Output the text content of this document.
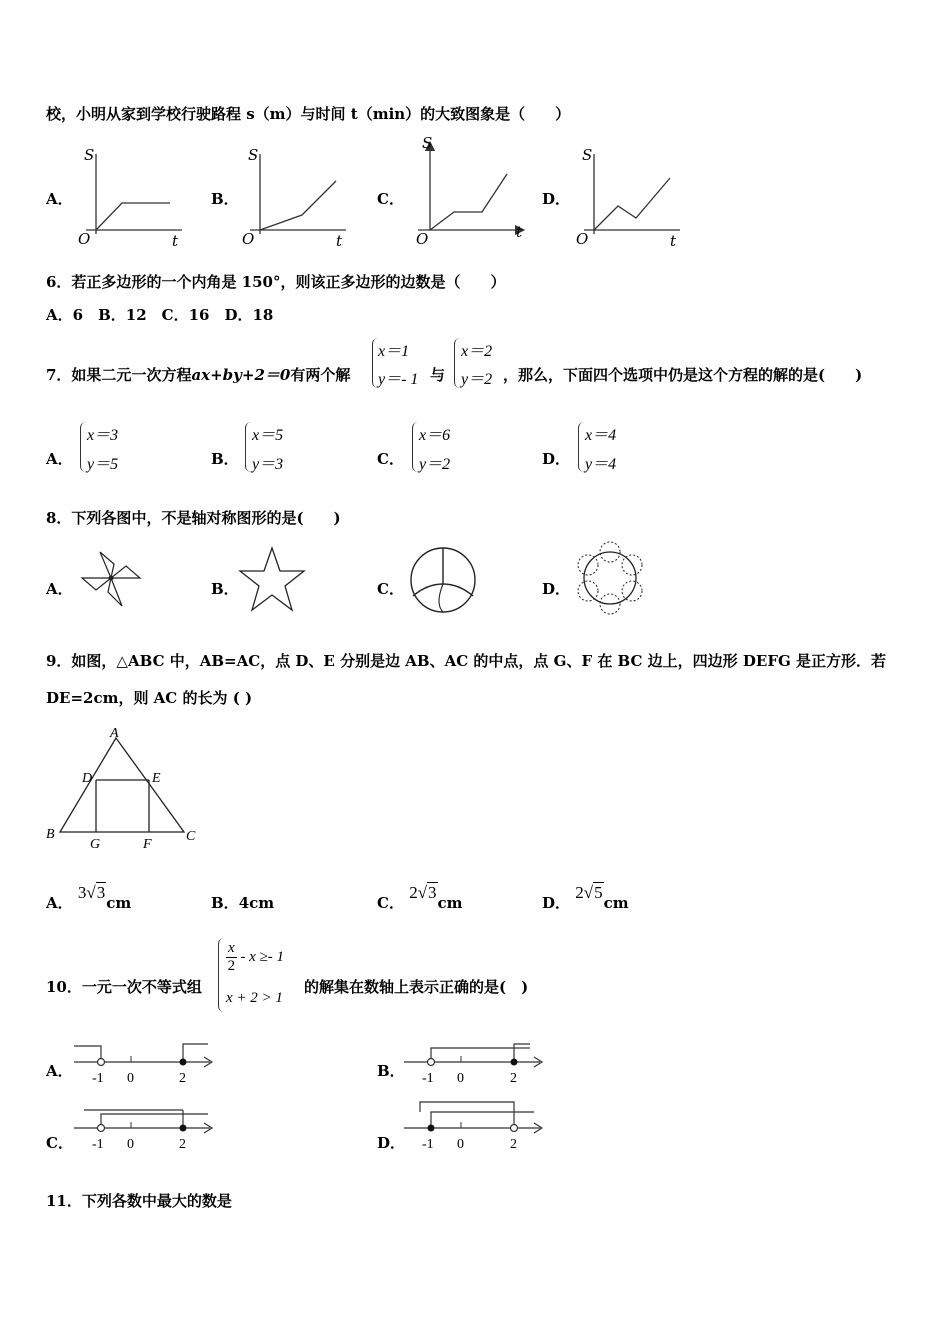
校，小明从家到学校行驶路程 s（m）与时间 t（min）的大致图象是（　　）
A．	B．	C．	D．
S
t
O
S
t
O
S
t
O
S
t
O
6．若正多边形的一个内角是 150°，则该正多边形的边数是（　　）
A．6　B．12　C．16　D．18
7．如果二元一次方程ax+by+2＝0有两个解
x＝1
y＝- 1 与
x＝2
y＝2 ，那么，下面四个选项中仍是这个方程的解的是(　　)
A．
x＝3
y＝5	B．
x＝5
y＝3	C．
x＝6
y＝2	D．
x＝4
y＝4
8．下列各图中，不是轴对称图形的是(　　)
A．	B．	C．	D．
9．如图，△ABC 中，AB=AC，点 D、E 分别是边 AB、AC 的中点，点 G、F 在 BC 边上，四边形 DEFG 是正方形．若
DE=2cm，则 AC 的长为 ( )
A
D	E
B	C
G	F
A． 3√3cm	B．4cm	C． 2√3cm	D． 2√5cm
10．一元一次不等式组
$\frac{x}{2} - x \ge- 1$
x + 2 > 1
的解集在数轴上表示正确的是(　)
A．	B．
C．	D．
-1 0	2	-1 0	2
-1 0	2	-1 0	2
11．下列各数中最大的数是
